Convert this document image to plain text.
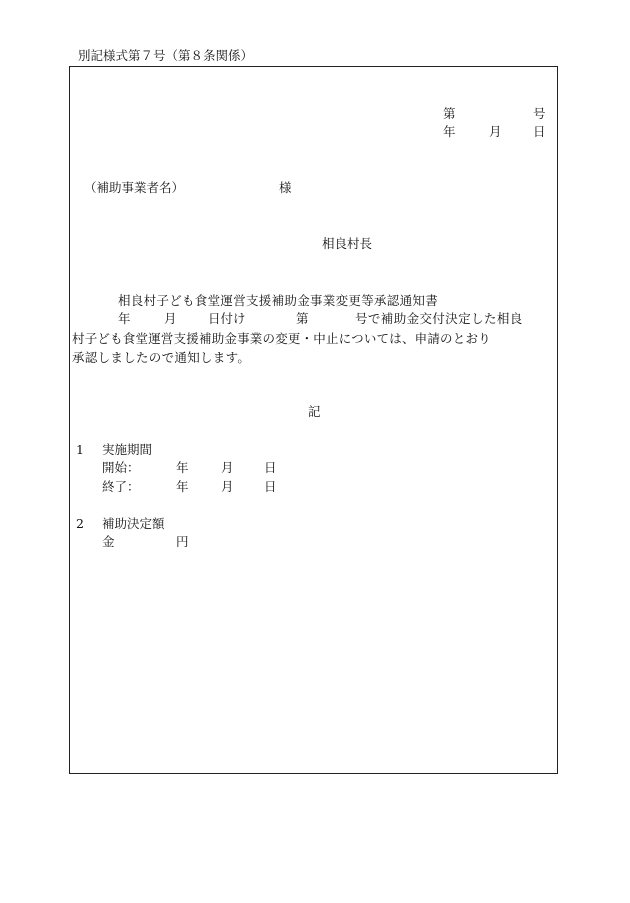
別記様式第７号（第８条関係）
第	号
年	月	日
（補助事業者名）	様
相良村長
相良村子ども食堂運営支援補助金事業変更等承認通知書
年	月	日付け	第	号で補助金交付決定した相良
村子ども食堂運営支援補助金事業の変更・中止については、申請のとおり
承認しましたので通知します。
記
1 実施期間
開始：	年	月 日
終了：	年	月 日
2 補助決定額
金	円
